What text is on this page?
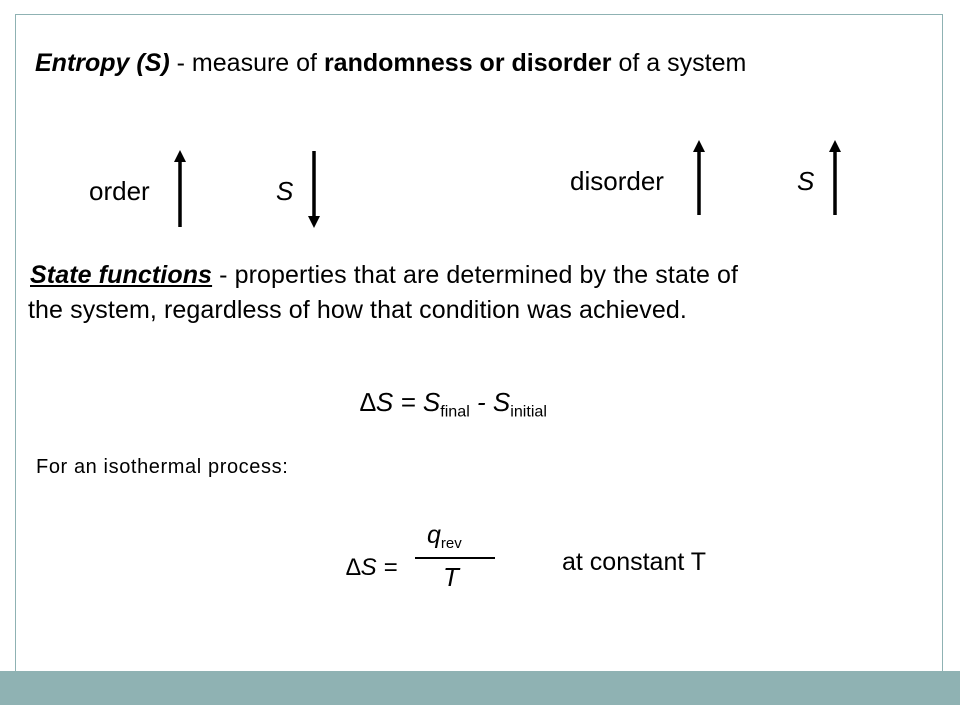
Entropy (S) - measure of randomness or disorder of a system
order	S	disorder	S
State functions - properties that are determined by the state of
the system, regardless of how that condition was achieved.
$\Delta S = S_{final} - S_{initial}$
For an isothermal process:
∆S =
$q_{rev}$
T	at constant T
